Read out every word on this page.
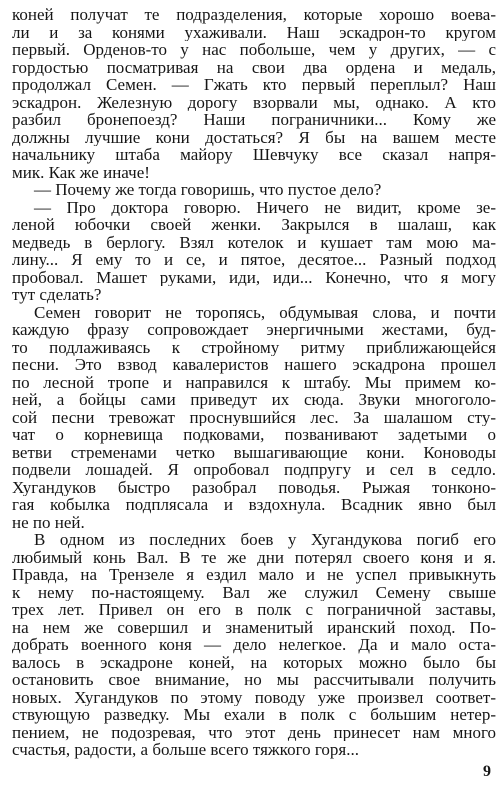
коней получат те подразделения, которые хорошо воева-
ли и за конями ухаживали. Наш эскадрон-то кругом
первый. Орденов-то у нас побольше, чем у других, — с
гордостью посматривая на свои два ордена и медаль,
продолжал Семен. — Гжать кто первый переплыл? Наш
эскадрон. Железную дорогу взорвали мы, однако. А кто
разбил бронепоезд? Наши пограничники... Кому же
должны лучшие кони достаться? Я бы на вашем месте
начальнику штаба майору Шевчуку все сказал напря-
мик. Как же иначе!
— Почему же тогда говоришь, что пустое дело?
— Про доктора говорю. Ничего не видит, кроме зе-
леной юбочки своей женки. Закрылся в шалаш, как
медведь в берлогу. Взял котелок и кушает там мою ма-
лину... Я ему то и се, и пятое, десятое... Разный подход
пробовал. Машет руками, иди, иди... Конечно, что я могу
тут сделать?
Семен говорит не торопясь, обдумывая слова, и почти
каждую фразу сопровождает энергичными жестами, буд-
то подлаживаясь к стройному ритму приближающейся
песни. Это взвод кавалеристов нашего эскадрона прошел
по лесной тропе и направился к штабу. Мы примем ко-
ней, а бойцы сами приведут их сюда. Звуки многоголо-
сой песни тревожат проснувшийся лес. За шалашом сту-
чат о корневища подковами, позванивают задетыми о
ветви стременами четко вышагивающие кони. Коноводы
подвели лошадей. Я опробовал подпругу и сел в седло.
Хугандуков быстро разобрал поводья. Рыжая тонконо-
гая кобылка подплясала и вздохнула. Всадник явно был
не по ней.
В одном из последних боев у Хугандукова погиб его
любимый конь Вал. В те же дни потерял своего коня и я.
Правда, на Трензеле я ездил мало и не успел привыкнуть
к нему по-настоящему. Вал же служил Семену свыше
трех лет. Привел он его в полк с пограничной заставы,
на нем же совершил и знаменитый иранский поход. По-
добрать военного коня — дело нелегкое. Да и мало оста-
валось в эскадроне коней, на которых можно было бы
остановить свое внимание, но мы рассчитывали получить
новых. Хугандуков по этому поводу уже произвел соответ-
ствующую разведку. Мы ехали в полк с большим нетер-
пением, не подозревая, что этот день принесет нам много
счастья, радости, а больше всего тяжкого горя...
9
